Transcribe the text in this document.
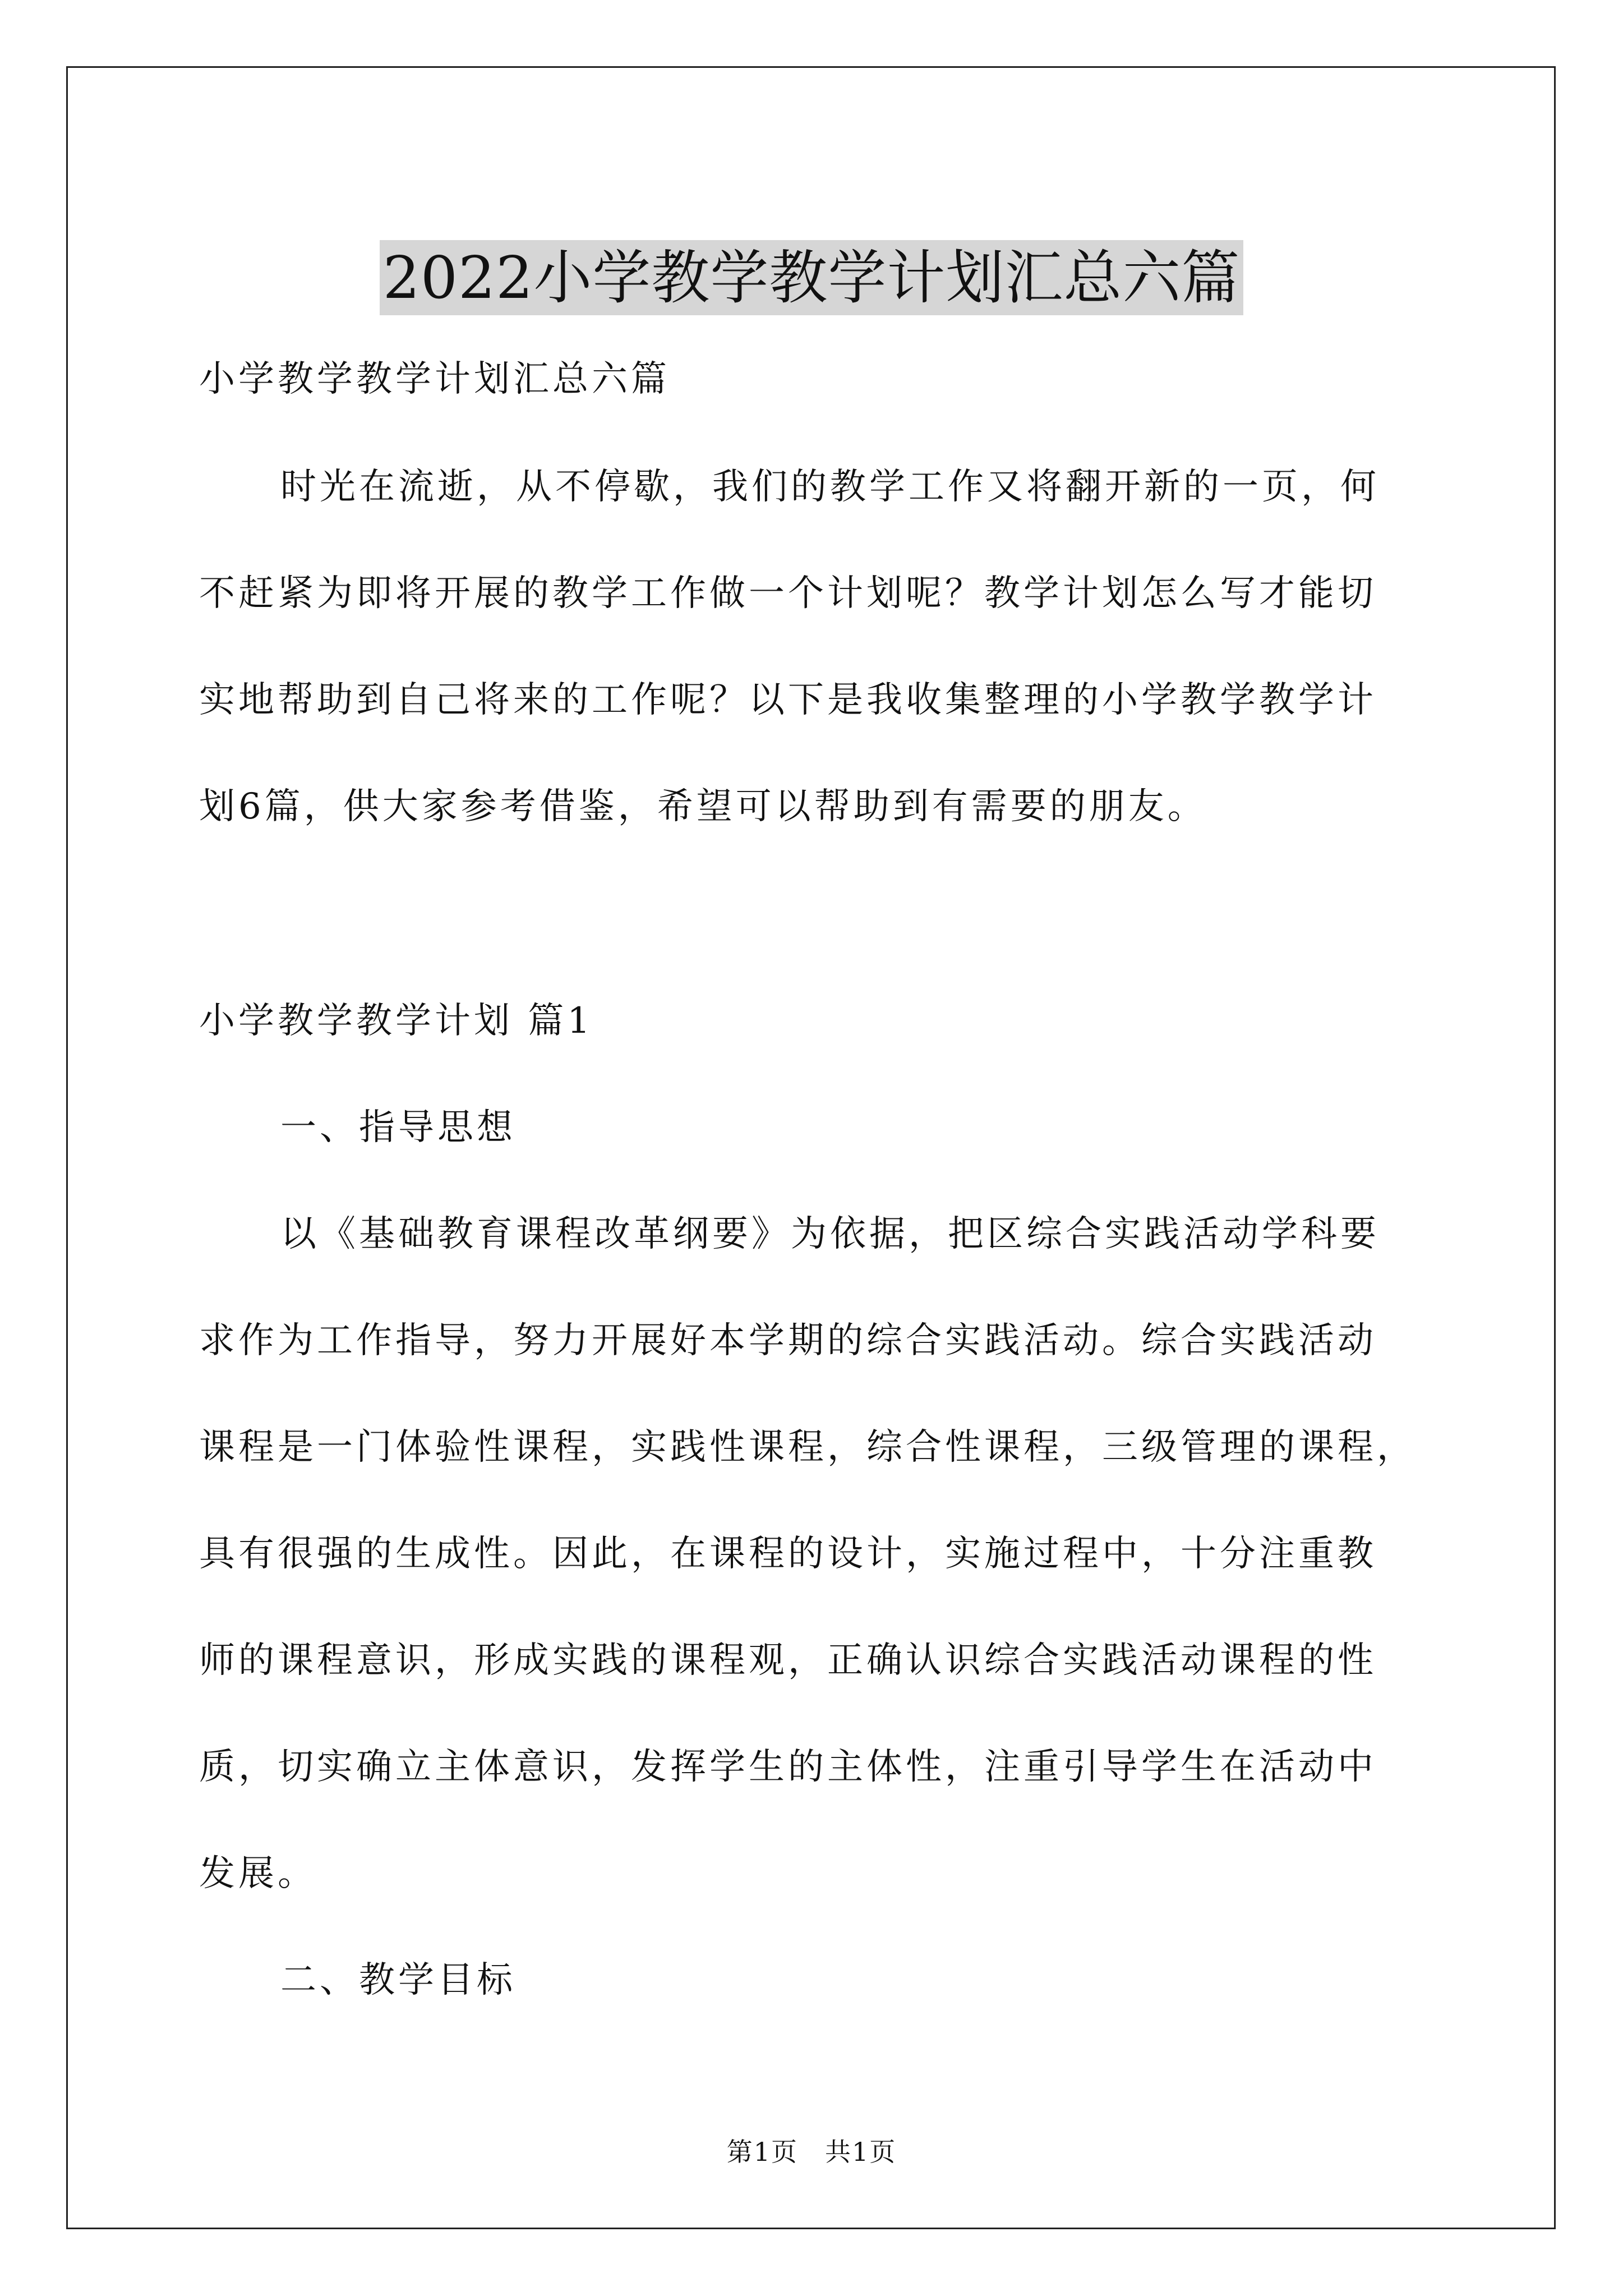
2022小学教学教学计划汇总六篇
小学教学教学计划汇总六篇
时光在流逝，从不停歇，我们的教学工作又将翻开新的一页，何
不赶紧为即将开展的教学工作做一个计划呢？教学计划怎么写才能切
实地帮助到自己将来的工作呢？以下是我收集整理的小学教学教学计
划6篇，供大家参考借鉴，希望可以帮助到有需要的朋友。
小学教学教学计划 篇1
一、指导思想
以《基础教育课程改革纲要》为依据，把区综合实践活动学科要
求作为工作指导，努力开展好本学期的综合实践活动。综合实践活动
课程是一门体验性课程，实践性课程，综合性课程，三级管理的课程，
具有很强的生成性。因此，在课程的设计，实施过程中，十分注重教
师的课程意识，形成实践的课程观，正确认识综合实践活动课程的性
质，切实确立主体意识，发挥学生的主体性，注重引导学生在活动中
发展。
二、教学目标
第1页 共1页
